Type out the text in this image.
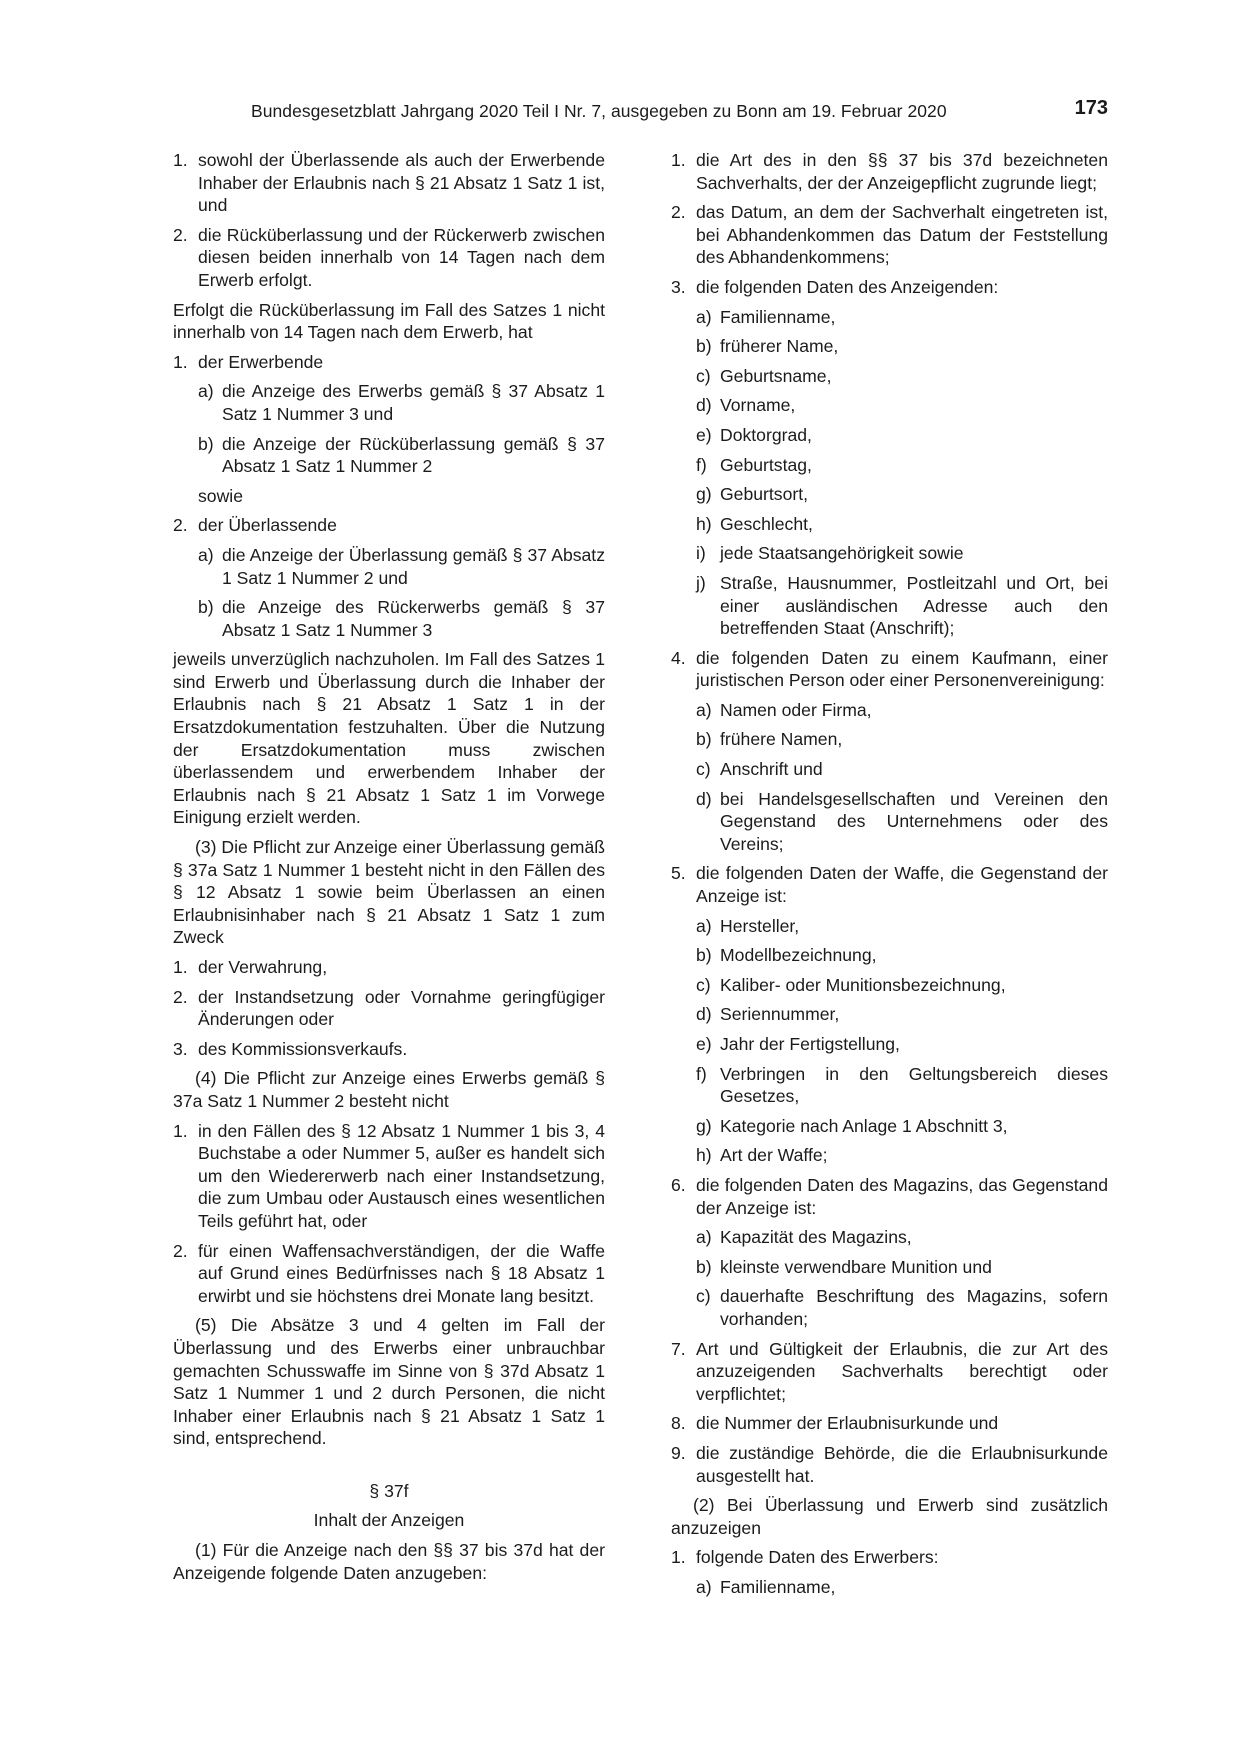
Bundesgesetzblatt Jahrgang 2020 Teil I Nr. 7, ausgegeben zu Bonn am 19. Februar 2020	173
1. sowohl der Überlassende als auch der Erwerbende Inhaber der Erlaubnis nach § 21 Absatz 1 Satz 1 ist, und
2. die Rücküberlassung und der Rückerwerb zwischen diesen beiden innerhalb von 14 Tagen nach dem Erwerb erfolgt.

Erfolgt die Rücküberlassung im Fall des Satzes 1 nicht innerhalb von 14 Tagen nach dem Erwerb, hat

1. der Erwerbende
a) die Anzeige des Erwerbs gemäß § 37 Absatz 1 Satz 1 Nummer 3 und
b) die Anzeige der Rücküberlassung gemäß § 37 Absatz 1 Satz 1 Nummer 2

sowie

2. der Überlassende
a) die Anzeige der Überlassung gemäß § 37 Absatz 1 Satz 1 Nummer 2 und
b) die Anzeige des Rückerwerbs gemäß § 37 Absatz 1 Satz 1 Nummer 3

jeweils unverzüglich nachzuholen. Im Fall des Satzes 1 sind Erwerb und Überlassung durch die Inhaber der Erlaubnis nach § 21 Absatz 1 Satz 1 in der Ersatzdokumentation festzuhalten. Über die Nutzung der Ersatzdokumentation muss zwischen überlassendem und erwerbendem Inhaber der Erlaubnis nach § 21 Absatz 1 Satz 1 im Vorwege Einigung erzielt werden.

(3) Die Pflicht zur Anzeige einer Überlassung gemäß § 37a Satz 1 Nummer 1 besteht nicht in den Fällen des § 12 Absatz 1 sowie beim Überlassen an einen Erlaubnisinhaber nach § 21 Absatz 1 Satz 1 zum Zweck

1. der Verwahrung,
2. der Instandsetzung oder Vornahme geringfügiger Änderungen oder
3. des Kommissionsverkaufs.

(4) Die Pflicht zur Anzeige eines Erwerbs gemäß § 37a Satz 1 Nummer 2 besteht nicht

1. in den Fällen des § 12 Absatz 1 Nummer 1 bis 3, 4 Buchstabe a oder Nummer 5, außer es handelt sich um den Wiedererwerb nach einer Instandsetzung, die zum Umbau oder Austausch eines wesentlichen Teils geführt hat, oder
2. für einen Waffensachverständigen, der die Waffe auf Grund eines Bedürfnisses nach § 18 Absatz 1 erwirbt und sie höchstens drei Monate lang besitzt.

(5) Die Absätze 3 und 4 gelten im Fall der Überlassung und des Erwerbs einer unbrauchbar gemachten Schusswaffe im Sinne von § 37d Absatz 1 Satz 1 Nummer 1 und 2 durch Personen, die nicht Inhaber einer Erlaubnis nach § 21 Absatz 1 Satz 1 sind, entsprechend.

§ 37f

Inhalt der Anzeigen

(1) Für die Anzeige nach den §§ 37 bis 37d hat der Anzeigende folgende Daten anzugeben:

1. die Art des in den §§ 37 bis 37d bezeichneten Sachverhalts, der der Anzeigepflicht zugrunde liegt;
2. das Datum, an dem der Sachverhalt eingetreten ist, bei Abhandenkommen das Datum der Feststellung des Abhandenkommens;
3. die folgenden Daten des Anzeigenden:
a) Familienname,
b) früherer Name,
c) Geburtsname,
d) Vorname,
e) Doktorgrad,
f) Geburtstag,
g) Geburtsort,
h) Geschlecht,
i) jede Staatsangehörigkeit sowie
j) Straße, Hausnummer, Postleitzahl und Ort, bei einer ausländischen Adresse auch den betreffenden Staat (Anschrift);
4. die folgenden Daten zu einem Kaufmann, einer juristischen Person oder einer Personenvereinigung:
a) Namen oder Firma,
b) frühere Namen,
c) Anschrift und
d) bei Handelsgesellschaften und Vereinen den Gegenstand des Unternehmens oder des Vereins;
5. die folgenden Daten der Waffe, die Gegenstand der Anzeige ist:
a) Hersteller,
b) Modellbezeichnung,
c) Kaliber- oder Munitionsbezeichnung,
d) Seriennummer,
e) Jahr der Fertigstellung,
f) Verbringen in den Geltungsbereich dieses Gesetzes,
g) Kategorie nach Anlage 1 Abschnitt 3,
h) Art der Waffe;
6. die folgenden Daten des Magazins, das Gegenstand der Anzeige ist:
a) Kapazität des Magazins,
b) kleinste verwendbare Munition und
c) dauerhafte Beschriftung des Magazins, sofern vorhanden;
7. Art und Gültigkeit der Erlaubnis, die zur Art des anzuzeigenden Sachverhalts berechtigt oder verpflichtet;
8. die Nummer der Erlaubnisurkunde und
9. die zuständige Behörde, die die Erlaubnisurkunde ausgestellt hat.

(2) Bei Überlassung und Erwerb sind zusätzlich anzuzeigen

1. folgende Daten des Erwerbers:
a) Familienname,
